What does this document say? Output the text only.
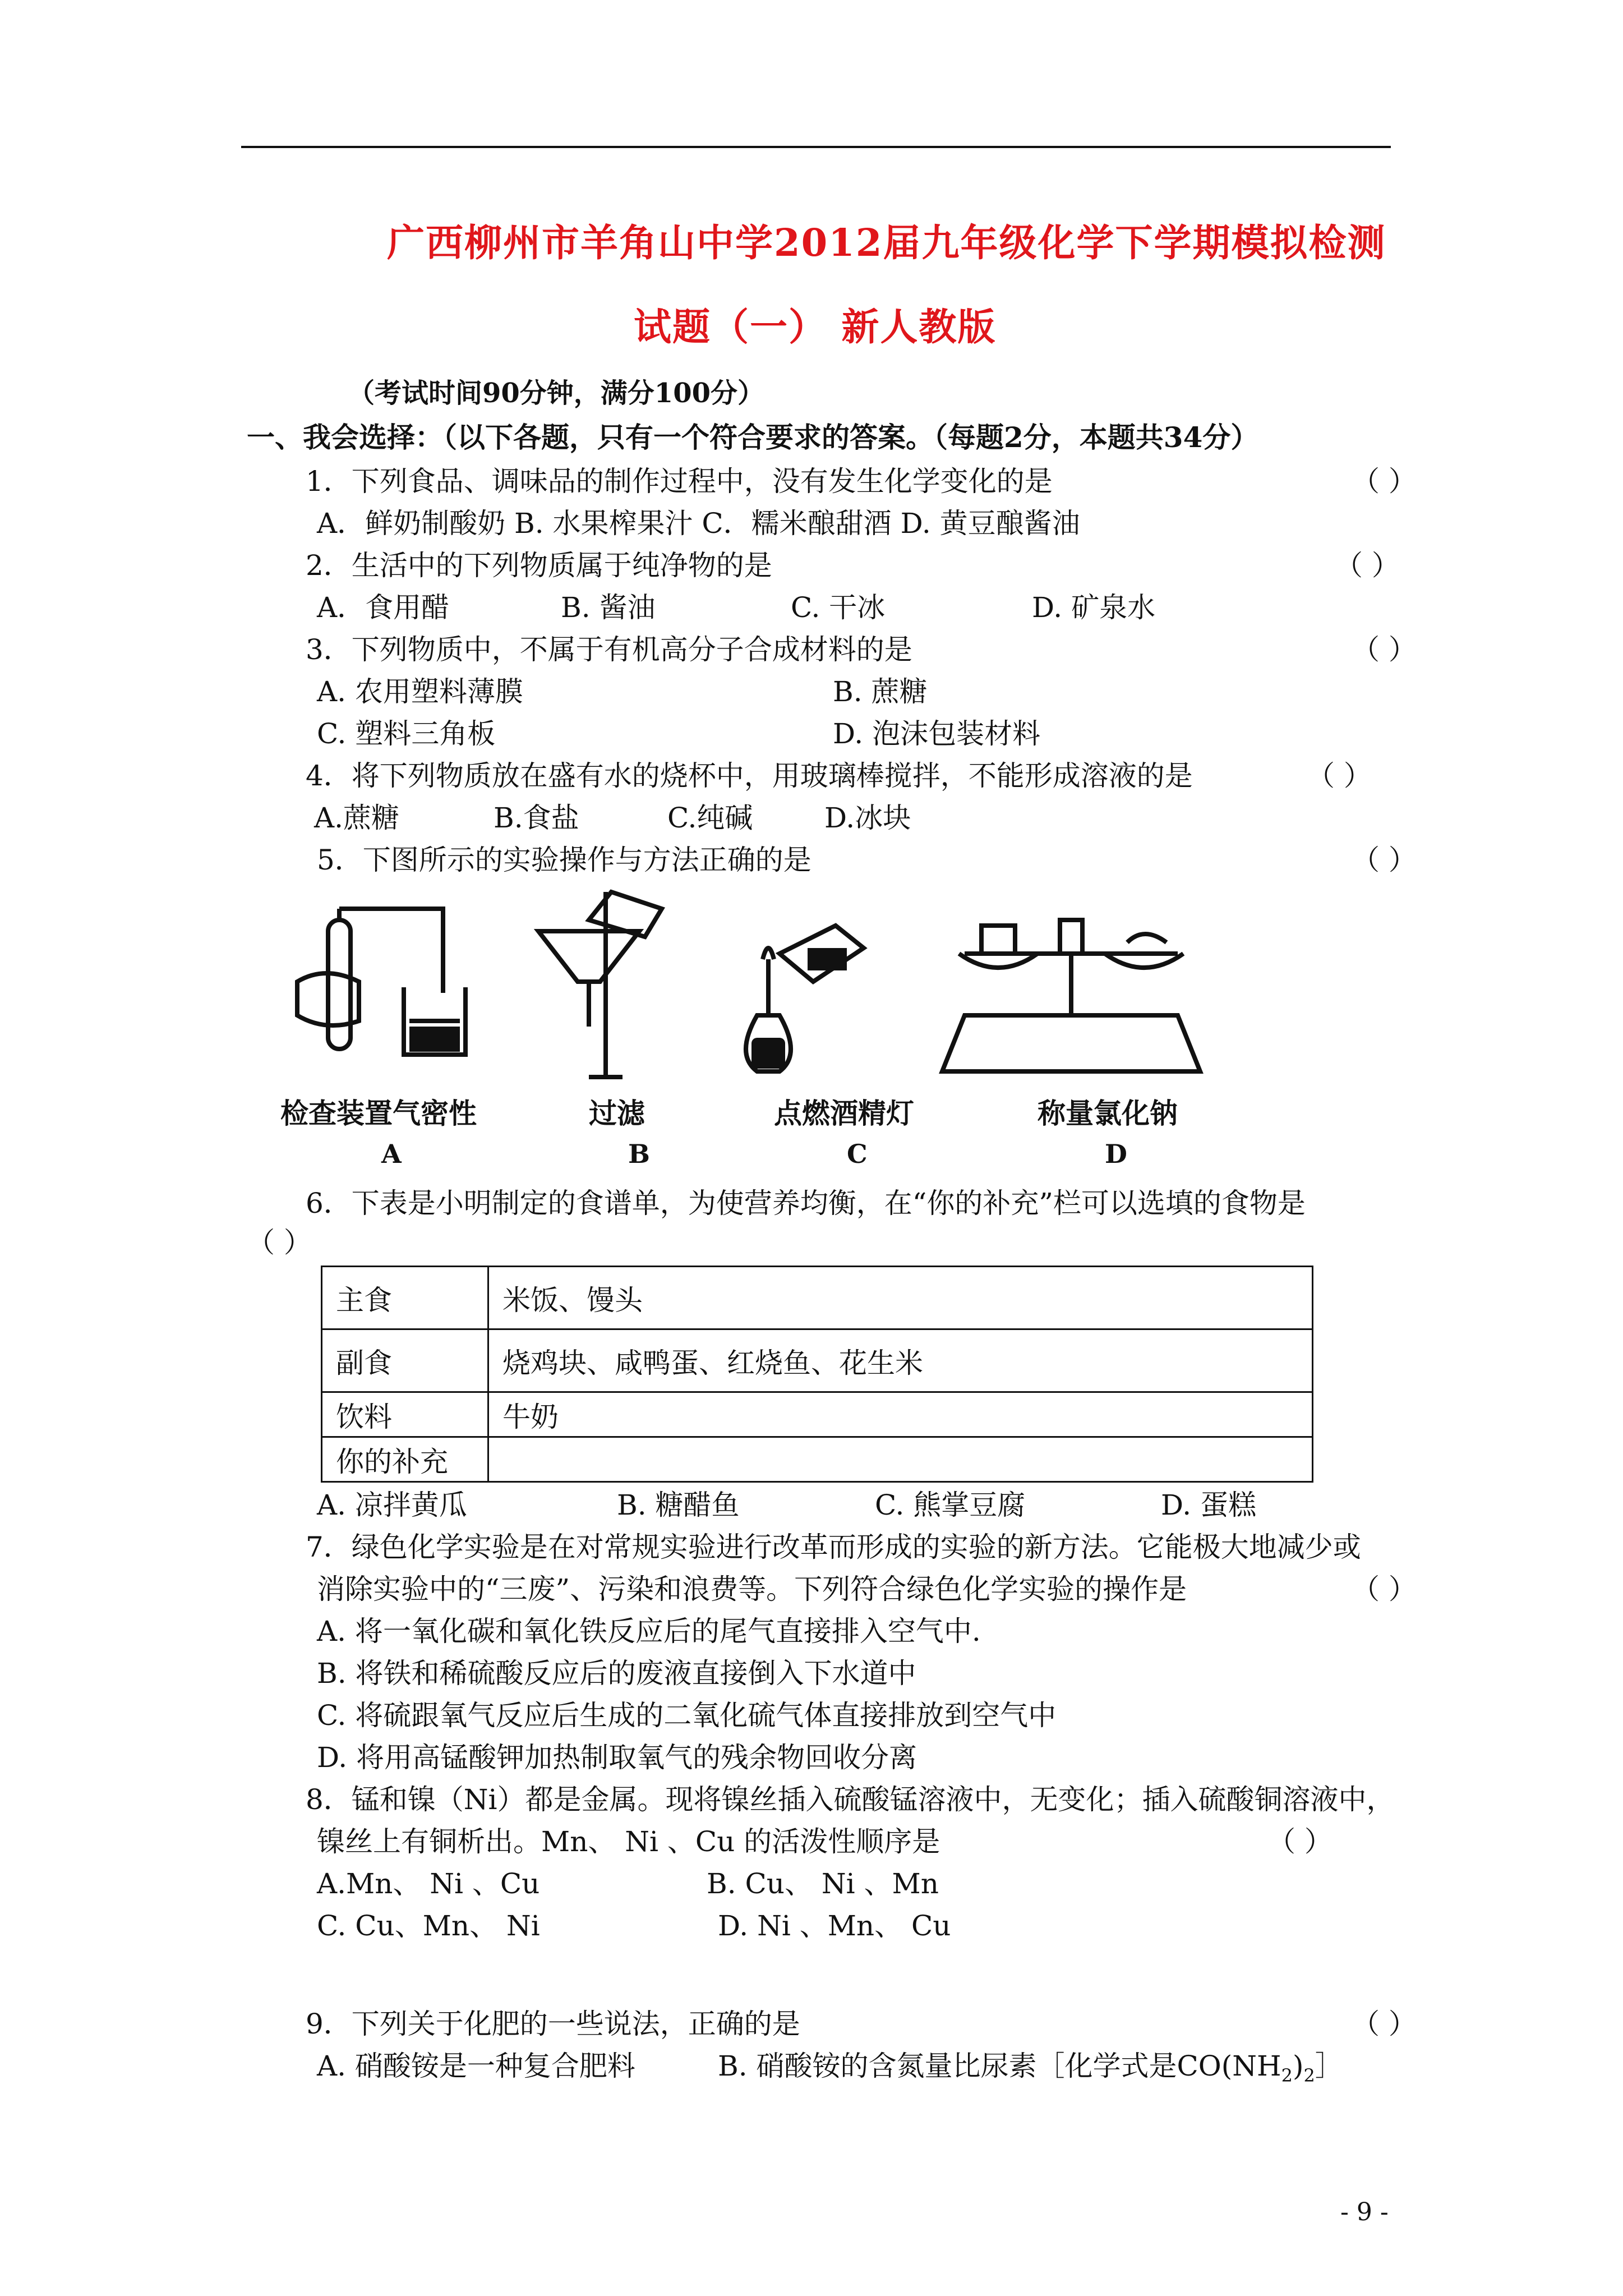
广西柳州市羊角山中学2012届九年级化学下学期模拟检测
试题（一） 新人教版
（考试时间90分钟，满分100分）
一、我会选择：（以下各题，只有一个符合要求的答案。（每题2分，本题共34分）
1．下列食品、调味品的制作过程中，没有发生化学变化的是	（ ）
A．鲜奶制酸奶 B. 水果榨果汁 C．糯米酿甜酒 D. 黄豆酿酱油
2．生活中的下列物质属于纯净物的是	（ ）
A．食用醋	B. 酱油	C. 干冰	D. 矿泉水
3．下列物质中，不属于有机高分子合成材料的是	（ ）
A. 农用塑料薄膜	B. 蔗糖
C. 塑料三角板	D. 泡沫包装材料
4．将下列物质放在盛有水的烧杯中，用玻璃棒搅拌，不能形成溶液的是	（ ）
A.蔗糖	B.食盐	C.纯碱	D.冰块
5．下图所示的实验操作与方法正确的是	（ ）
检查装置气密性	过滤	点燃酒精灯	称量氯化钠
A	B	C	D
6．下表是小明制定的食谱单，为使营养均衡，在“你的补充”栏可以选填的食物是
（ ）
主食	米饭、馒头
副食	烧鸡块、咸鸭蛋、红烧鱼、花生米
饮料	牛奶
你的补充	
A. 凉拌黄瓜	B. 糖醋鱼	C. 熊掌豆腐	D. 蛋糕
7．绿色化学实验是在对常规实验进行改革而形成的实验的新方法。它能极大地减少或
消除实验中的“三废”、污染和浪费等。下列符合绿色化学实验的操作是	（ ）
A. 将一氧化碳和氧化铁反应后的尾气直接排入空气中.
B. 将铁和稀硫酸反应后的废液直接倒入下水道中
C. 将硫跟氧气反应后生成的二氧化硫气体直接排放到空气中
D. 将用高锰酸钾加热制取氧气的残余物回收分离
8．锰和镍（Ni）都是金属。现将镍丝插入硫酸锰溶液中，无变化；插入硫酸铜溶液中，
镍丝上有铜析出。Mn、 Ni 、Cu 的活泼性顺序是	（ ）
A.Mn、 Ni 、Cu	B. Cu、 Ni 、Mn
C. Cu、Mn、 Ni	D. Ni 、Mn、 Cu
9．下列关于化肥的一些说法，正确的是	（ ）
A. 硝酸铵是一种复合肥料	B. 硝酸铵的含氮量比尿素［化学式是$CO(NH_2)_2]$
- 9 -
